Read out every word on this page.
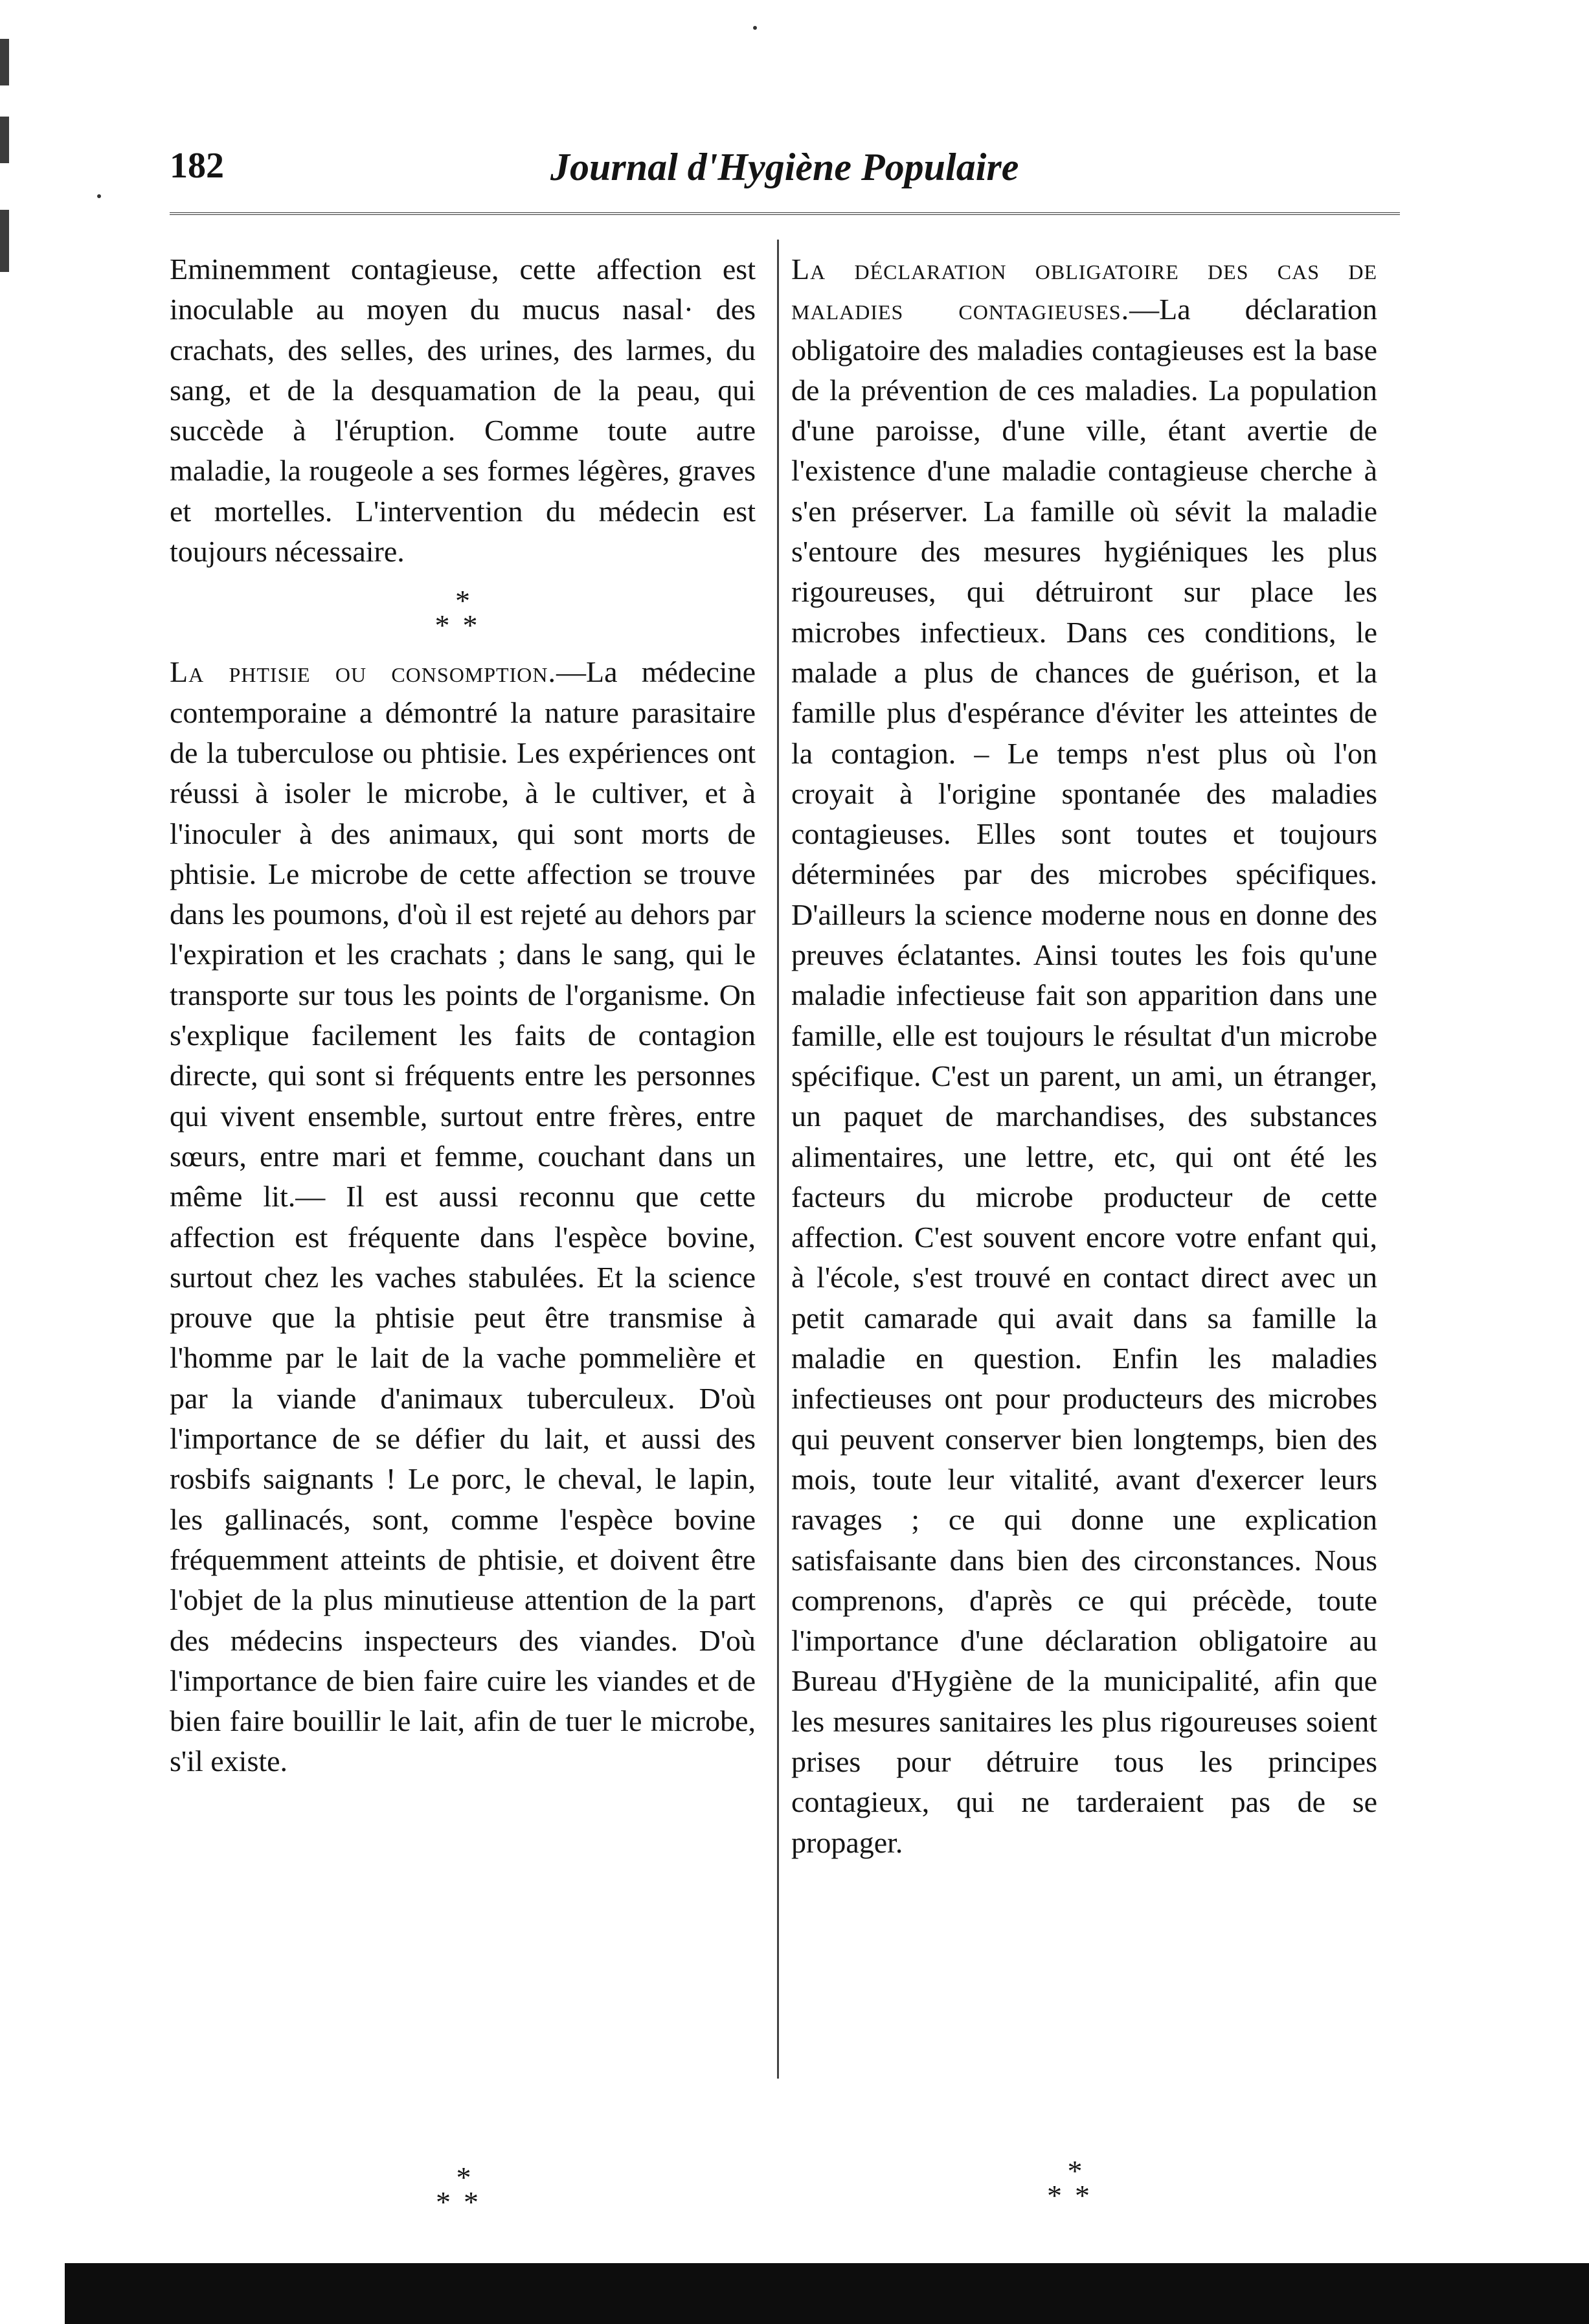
182	Journal d'Hygiène Populaire

Eminemment contagieuse, cette affection est inoculable au moyen du mucus nasal· des crachats, des selles, des urines, des larmes, du sang, et de la desquamation de la peau, qui succède à l'éruption. Comme toute autre maladie, la rougeole a ses formes légères, graves et mortelles. L'intervention du médecin est toujours nécessaire.

*
**

La phtisie ou consomption.—La médecine contemporaine a démontré la nature parasitaire de la tuberculose ou phtisie. Les expériences ont réussi à isoler le microbe, à le cultiver, et à l'inoculer à des animaux, qui sont morts de phtisie. Le microbe de cette affection se trouve dans les poumons, d'où il est rejeté au dehors par l'expiration et les crachats ; dans le sang, qui le transporte sur tous les points de l'organisme. On s'explique facilement les faits de contagion directe, qui sont si fréquents entre les personnes qui vivent ensemble, surtout entre frères, entre sœurs, entre mari et femme, couchant dans un même lit.— Il est aussi reconnu que cette affection est fréquente dans l'espèce bovine, surtout chez les vaches stabulées. Et la science prouve que la phtisie peut être transmise à l'homme par le lait de la vache pommelière et par la viande d'animaux tuberculeux. D'où l'importance de se défier du lait, et aussi des rosbifs saignants ! Le porc, le cheval, le lapin, les gallinacés, sont, comme l'espèce bovine fréquemment atteints de phtisie, et doivent être l'objet de la plus minutieuse attention de la part des médecins inspecteurs des viandes. D'où l'importance de bien faire cuire les viandes et de bien faire bouillir le lait, afin de tuer le microbe, s'il existe.

La déclaration obligatoire des cas de maladies contagieuses.—La déclaration obligatoire des maladies contagieuses est la base de la prévention de ces maladies. La population d'une paroisse, d'une ville, étant avertie de l'existence d'une maladie contagieuse cherche à s'en préserver. La famille où sévit la maladie s'entoure des mesures hygiéniques les plus rigoureuses, qui détruiront sur place les microbes infectieux. Dans ces conditions, le malade a plus de chances de guérison, et la famille plus d'espérance d'éviter les atteintes de la contagion. – Le temps n'est plus où l'on croyait à l'origine spontanée des maladies contagieuses. Elles sont toutes et toujours déterminées par des microbes spécifiques. D'ailleurs la science moderne nous en donne des preuves éclatantes. Ainsi toutes les fois qu'une maladie infectieuse fait son apparition dans une famille, elle est toujours le résultat d'un microbe spécifique. C'est un parent, un ami, un étranger, un paquet de marchandises, des substances alimentaires, une lettre, etc, qui ont été les facteurs du microbe producteur de cette affection. C'est souvent encore votre enfant qui, à l'école, s'est trouvé en contact direct avec un petit camarade qui avait dans sa famille la maladie en question. Enfin les maladies infectieuses ont pour producteurs des microbes qui peuvent conserver bien longtemps, bien des mois, toute leur vitalité, avant d'exercer leurs ravages ; ce qui donne une explication satisfaisante dans bien des circonstances. Nous comprenons, d'après ce qui précède, toute l'importance d'une déclaration obligatoire au Bureau d'Hygiène de la municipalité, afin que les mesures sanitaires les plus rigoureuses soient prises pour détruire tous les principes contagieux, qui ne tarderaient pas de se propager.

*
**
*
**
